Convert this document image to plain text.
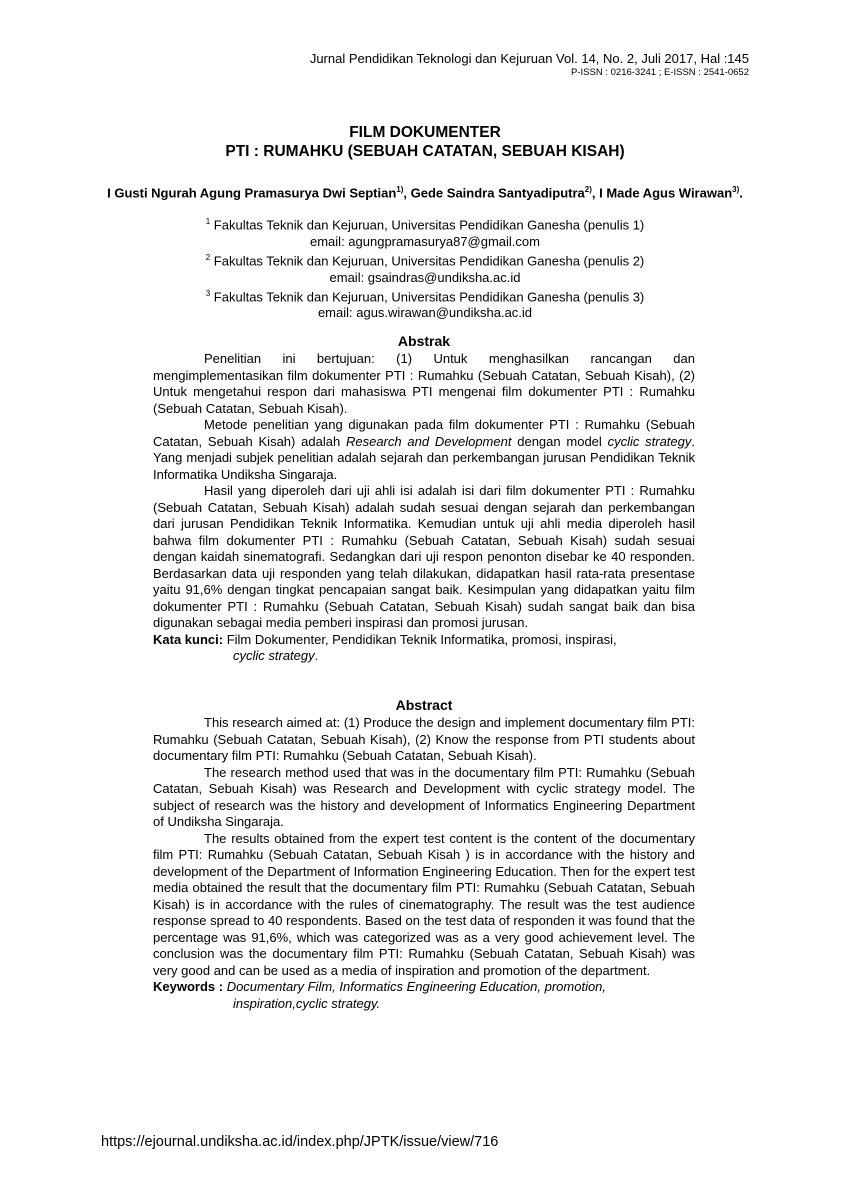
Jurnal Pendidikan Teknologi dan Kejuruan Vol. 14, No. 2, Juli 2017, Hal :145
P-ISSN : 0216-3241 ; E-ISSN : 2541-0652
FILM DOKUMENTER
PTI : RUMAHKU (SEBUAH CATATAN, SEBUAH KISAH)
I Gusti Ngurah Agung Pramasurya Dwi Septian$^{1)}$, Gede Saindra Santyadiputra$^{2)}$, I Made Agus Wirawan$^{3)}$.
$^1$ Fakultas Teknik dan Kejuruan, Universitas Pendidikan Ganesha (penulis 1)
email: agungpramasurya87@gmail.com
$^2$ Fakultas Teknik dan Kejuruan, Universitas Pendidikan Ganesha (penulis 2)
email: gsaindras@undiksha.ac.id
$^3$ Fakultas Teknik dan Kejuruan, Universitas Pendidikan Ganesha (penulis 3)
email: agus.wirawan@undiksha.ac.id
Abstrak

Penelitian ini bertujuan: (1) Untuk menghasilkan rancangan dan mengimplementasikan film dokumenter PTI : Rumahku (Sebuah Catatan, Sebuah Kisah), (2) Untuk mengetahui respon dari mahasiswa PTI mengenai film dokumenter PTI : Rumahku (Sebuah Catatan, Sebuah Kisah).

Metode penelitian yang digunakan pada film dokumenter PTI : Rumahku (Sebuah Catatan, Sebuah Kisah) adalah Research and Development dengan model cyclic strategy. Yang menjadi subjek penelitian adalah sejarah dan perkembangan jurusan Pendidikan Teknik Informatika Undiksha Singaraja.

Hasil yang diperoleh dari uji ahli isi adalah isi dari film dokumenter PTI : Rumahku (Sebuah Catatan, Sebuah Kisah) adalah sudah sesuai dengan sejarah dan perkembangan dari jurusan Pendidikan Teknik Informatika. Kemudian untuk uji ahli media diperoleh hasil bahwa film dokumenter PTI : Rumahku (Sebuah Catatan, Sebuah Kisah) sudah sesuai dengan kaidah sinematografi. Sedangkan dari uji respon penonton disebar ke 40 responden. Berdasarkan data uji responden yang telah dilakukan, didapatkan hasil rata-rata presentase yaitu 91,6% dengan tingkat pencapaian sangat baik. Kesimpulan yang didapatkan yaitu film dokumenter PTI : Rumahku (Sebuah Catatan, Sebuah Kisah) sudah sangat baik dan bisa digunakan sebagai media pemberi inspirasi dan promosi jurusan.

Kata kunci: Film Dokumenter, Pendidikan Teknik Informatika, promosi, inspirasi,
cyclic strategy.
Abstract

This research aimed at: (1) Produce the design and implement documentary film PTI: Rumahku (Sebuah Catatan, Sebuah Kisah), (2) Know the response from PTI students about documentary film PTI: Rumahku (Sebuah Catatan, Sebuah Kisah).

The research method used that was in the documentary film PTI: Rumahku (Sebuah Catatan, Sebuah Kisah) was Research and Development with cyclic strategy model. The subject of research was the history and development of Informatics Engineering Department of Undiksha Singaraja.

The results obtained from the expert test content is the content of the documentary film PTI: Rumahku (Sebuah Catatan, Sebuah Kisah ) is in accordance with the history and development of the Department of Information Engineering Education. Then for the expert test media obtained the result that the documentary film PTI: Rumahku (Sebuah Catatan, Sebuah Kisah) is in accordance with the rules of cinematography. The result was the test audience response spread to 40 respondents. Based on the test data of responden it was found that the percentage was 91,6%, which was categorized was as a very good achievement level. The conclusion was the documentary film PTI: Rumahku (Sebuah Catatan, Sebuah Kisah) was very good and can be used as a media of inspiration and promotion of the department.

Keywords : Documentary Film, Informatics Engineering Education, promotion,
inspiration,cyclic strategy.
https://ejournal.undiksha.ac.id/index.php/JPTK/issue/view/716
